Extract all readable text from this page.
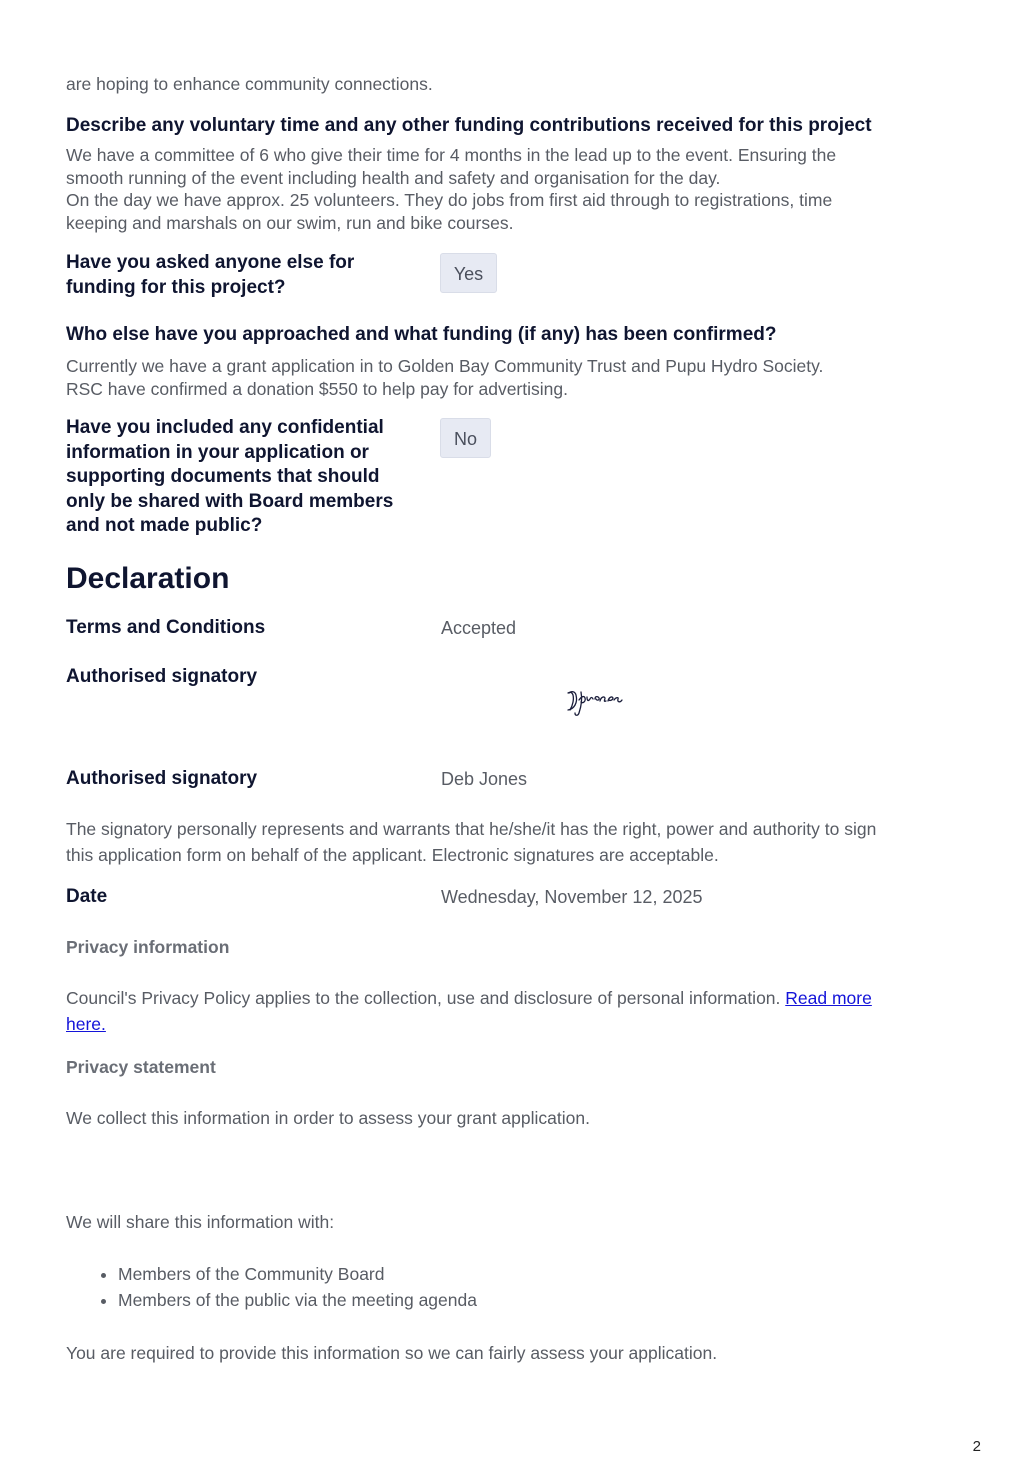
are hoping to enhance community connections.
Describe any voluntary time and any other funding contributions received for this project
We have a committee of 6 who give their time for 4 months in the lead up to the event. Ensuring the
smooth running of the event including health and safety and organisation for the day.
On the day we have approx. 25 volunteers. They do jobs from first aid through to registrations, time
keeping and marshals on our swim, run and bike courses.
Have you asked anyone else for funding for this project?
Yes
Who else have you approached and what funding (if any) has been confirmed?
Currently we have a grant application in to Golden Bay Community Trust and Pupu Hydro Society.
RSC have confirmed a donation $550 to help pay for advertising.
Have you included any confidential information in your application or supporting documents that should only be shared with Board members and not made public?
No
Declaration
Terms and Conditions	Accepted
Authorised signatory
Authorised signatory	Deb Jones
The signatory personally represents and warrants that he/she/it has the right, power and authority to sign
this application form on behalf of the applicant. Electronic signatures are acceptable.
Date	Wednesday, November 12, 2025
Privacy information
Council's Privacy Policy applies to the collection, use and disclosure of personal information. Read more
here.
Privacy statement
We collect this information in order to assess your grant application.
We will share this information with:
• Members of the Community Board
• Members of the public via the meeting agenda
You are required to provide this information so we can fairly assess your application.
2
